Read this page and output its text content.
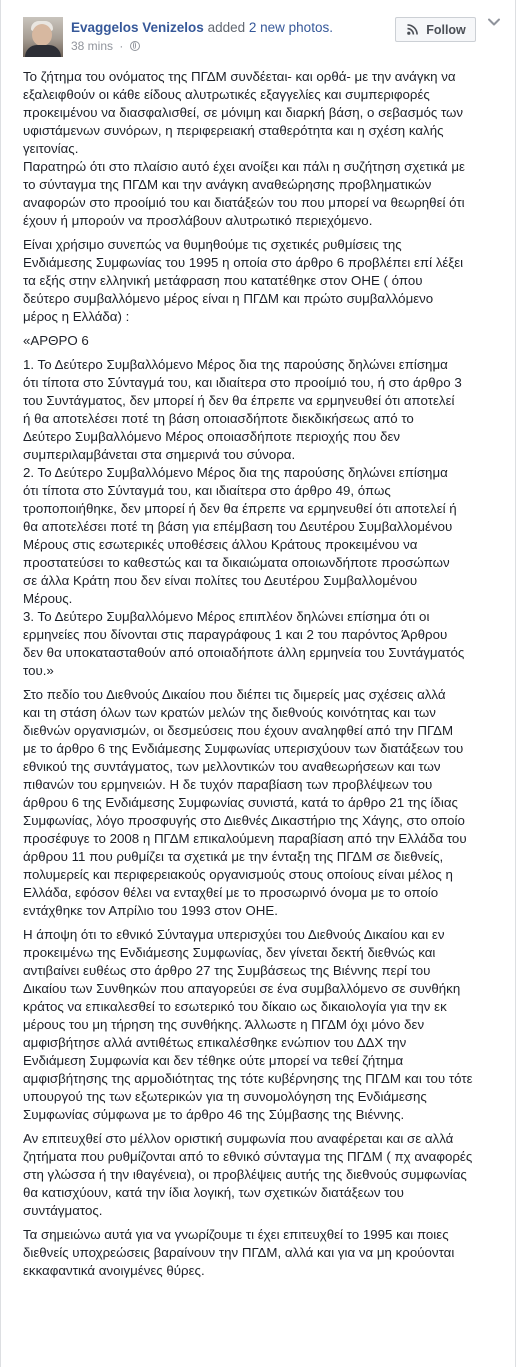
Evaggelos Venizelos added 2 new photos.
38 mins ·
Follow

Το ζήτημα του ονόματος της ΠΓΔΜ συνδέεται- και ορθά- με την ανάγκη να
εξαλειφθούν οι κάθε είδους αλυτρωτικές εξαγγελίες και συμπεριφορές
προκειμένου να διασφαλισθεί, σε μόνιμη και διαρκή βάση, ο σεβασμός των
υφιστάμενων συνόρων, η περιφερειακή σταθερότητα και η σχέση καλής
γειτονίας.
Παρατηρώ ότι στο πλαίσιο αυτό έχει ανοίξει και πάλι η συζήτηση σχετικά με
το σύνταγμα της ΠΓΔΜ και την ανάγκη αναθεώρησης προβληματικών
αναφορών στο προοίμιό του και διατάξεών του που μπορεί να θεωρηθεί ότι
έχουν ή μπορούν να προσλάβουν αλυτρωτικό περιεχόμενο.

Είναι χρήσιμο συνεπώς να θυμηθούμε τις σχετικές ρυθμίσεις της
Ενδιάμεσης Συμφωνίας του 1995 η οποία στο άρθρο 6 προβλέπει επί λέξει
τα εξής στην ελληνική μετάφραση που κατατέθηκε στον ΟΗΕ ( όπου
δεύτερο συμβαλλόμενο μέρος είναι η ΠΓΔΜ και πρώτο συμβαλλόμενο
μέρος η Ελλάδα) :

«ΑΡΘΡΟ 6

1. Το Δεύτερο Συμβαλλόμενο Μέρος δια της παρούσης δηλώνει επίσημα
ότι τίποτα στο Σύνταγμά του, και ιδιαίτερα στο προοίμιό του, ή στο άρθρο 3
του Συντάγματος, δεν μπορεί ή δεν θα έπρεπε να ερμηνευθεί ότι αποτελεί
ή θα αποτελέσει ποτέ τη βάση οποιασδήποτε διεκδικήσεως από το
Δεύτερο Συμβαλλόμενο Μέρος οποιασδήποτε περιοχής που δεν
συμπεριλαμβάνεται στα σημερινά του σύνορα.
2. Το Δεύτερο Συμβαλλόμενο Μέρος δια της παρούσης δηλώνει επίσημα
ότι τίποτα στο Σύνταγμά του, και ιδιαίτερα στο άρθρο 49, όπως
τροποποιήθηκε, δεν μπορεί ή δεν θα έπρεπε να ερμηνευθεί ότι αποτελεί ή
θα αποτελέσει ποτέ τη βάση για επέμβαση του Δευτέρου Συμβαλλομένου
Μέρους στις εσωτερικές υποθέσεις άλλου Κράτους προκειμένου να
προστατεύσει το καθεστώς και τα δικαιώματα οποιωνδήποτε προσώπων
σε άλλα Κράτη που δεν είναι πολίτες του Δευτέρου Συμβαλλομένου
Μέρους.
3. Το Δεύτερο Συμβαλλόμενο Μέρος επιπλέον δηλώνει επίσημα ότι οι
ερμηνείες που δίνονται στις παραγράφους 1 και 2 του παρόντος Άρθρου
δεν θα υποκατασταθούν από οποιαδήποτε άλλη ερμηνεία του Συντάγματός
του.»

Στο πεδίο του Διεθνούς Δικαίου που διέπει τις διμερείς μας σχέσεις αλλά
και τη στάση όλων των κρατών μελών της διεθνούς κοινότητας και των
διεθνών οργανισμών, οι δεσμεύσεις που έχουν αναληφθεί από την ΠΓΔΜ
με το άρθρο 6 της Ενδιάμεσης Συμφωνίας υπερισχύουν των διατάξεων του
εθνικού της συντάγματος, των μελλοντικών του αναθεωρήσεων και των
πιθανών του ερμηνειών. Η δε τυχόν παραβίαση των προβλέψεων του
άρθρου 6 της Ενδιάμεσης Συμφωνίας συνιστά, κατά το άρθρο 21 της ίδιας
Συμφωνίας, λόγο προσφυγής στο Διεθνές Δικαστήριο της Χάγης, στο οποίο
προσέφυγε το 2008 η ΠΓΔΜ επικαλούμενη παραβίαση από την Ελλάδα του
άρθρου 11 που ρυθμίζει τα σχετικά με την ένταξη της ΠΓΔΜ σε διεθνείς,
πολυμερείς και περιφερειακούς οργανισμούς στους οποίους είναι μέλος η
Ελλάδα, εφόσον θέλει να ενταχθεί με το προσωρινό όνομα με το οποίο
εντάχθηκε τον Απρίλιο του 1993 στον ΟΗΕ.

Η άποψη ότι το εθνικό Σύνταγμα υπερισχύει του Διεθνούς Δικαίου και εν
προκειμένω της Ενδιάμεσης Συμφωνίας, δεν γίνεται δεκτή διεθνώς και
αντιβαίνει ευθέως στο άρθρο 27 της Συμβάσεως της Βιέννης περί του
Δικαίου των Συνθηκών που απαγορεύει σε ένα συμβαλλόμενο σε συνθήκη
κράτος να επικαλεσθεί το εσωτερικό του δίκαιο ως δικαιολογία για την εκ
μέρους του μη τήρηση της συνθήκης. Άλλωστε η ΠΓΔΜ όχι μόνο δεν
αμφισβήτησε αλλά αντιθέτως επικαλέσθηκε ενώπιον του ΔΔΧ την
Ενδιάμεση Συμφωνία και δεν τέθηκε ούτε μπορεί να τεθεί ζήτημα
αμφισβήτησης της αρμοδιότητας της τότε κυβέρνησης της ΠΓΔΜ και του τότε
υπουργού της των εξωτερικών για τη συνομολόγηση της Ενδιάμεσης
Συμφωνίας σύμφωνα με το άρθρο 46 της Σύμβασης της Βιέννης.

Αν επιτευχθεί στο μέλλον οριστική συμφωνία που αναφέρεται και σε αλλά
ζητήματα που ρυθμίζονται από το εθνικό σύνταγμα της ΠΓΔΜ ( πχ αναφορές
στη γλώσσα ή την ιθαγένεια), οι προβλέψεις αυτής της διεθνούς συμφωνίας
θα κατισχύουν, κατά την ίδια λογική, των σχετικών διατάξεων του
συντάγματος.

Τα σημειώνω αυτά για να γνωρίζουμε τι έχει επιτευχθεί το 1995 και ποιες
διεθνείς υποχρεώσεις βαραίνουν την ΠΓΔΜ, αλλά και για να μη κρούονται
εκκαφαντικά ανοιγμένες θύρες.
